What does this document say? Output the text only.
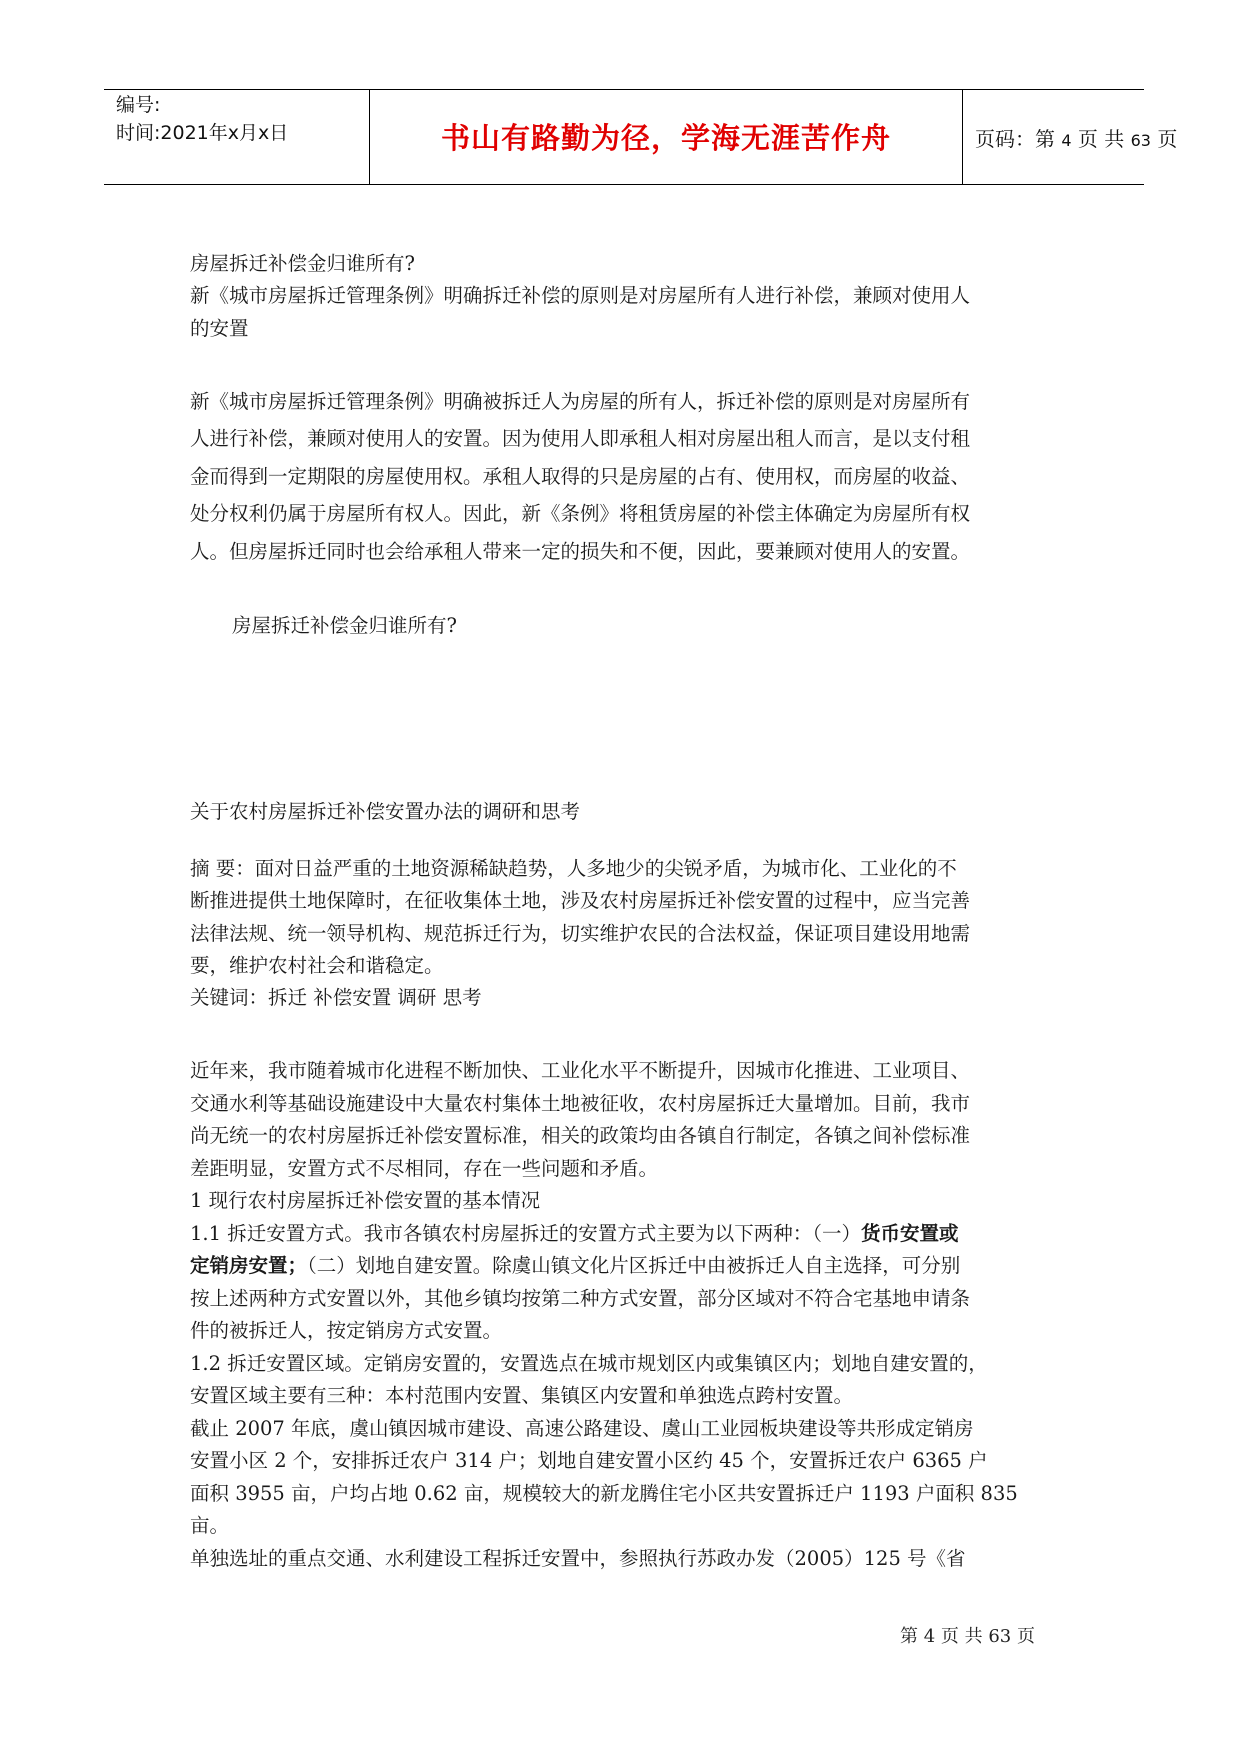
编号:
时间:2021年x月x日	书山有路勤为径，学海无涯苦作舟	页码：第 4 页 共 63 页
房屋拆迁补偿金归谁所有?
新《城市房屋拆迁管理条例》明确拆迁补偿的原则是对房屋所有人进行补偿，兼顾对使用人
的安置
新《城市房屋拆迁管理条例》明确被拆迁人为房屋的所有人，拆迁补偿的原则是对房屋所有
人进行补偿，兼顾对使用人的安置。因为使用人即承租人相对房屋出租人而言，是以支付租
金而得到一定期限的房屋使用权。承租人取得的只是房屋的占有、使用权，而房屋的收益、
处分权利仍属于房屋所有权人。因此，新《条例》将租赁房屋的补偿主体确定为房屋所有权
人。但房屋拆迁同时也会给承租人带来一定的损失和不便，因此，要兼顾对使用人的安置。
房屋拆迁补偿金归谁所有?
关于农村房屋拆迁补偿安置办法的调研和思考
摘 要：面对日益严重的土地资源稀缺趋势，人多地少的尖锐矛盾，为城市化、工业化的不
断推进提供土地保障时，在征收集体土地，涉及农村房屋拆迁补偿安置的过程中，应当完善
法律法规、统一领导机构、规范拆迁行为，切实维护农民的合法权益，保证项目建设用地需
要，维护农村社会和谐稳定。
关键词：拆迁 补偿安置 调研 思考
近年来，我市随着城市化进程不断加快、工业化水平不断提升，因城市化推进、工业项目、
交通水利等基础设施建设中大量农村集体土地被征收，农村房屋拆迁大量增加。目前，我市
尚无统一的农村房屋拆迁补偿安置标准，相关的政策均由各镇自行制定，各镇之间补偿标准
差距明显，安置方式不尽相同，存在一些问题和矛盾。
1 现行农村房屋拆迁补偿安置的基本情况
1.1 拆迁安置方式。我市各镇农村房屋拆迁的安置方式主要为以下两种：（一）货币安置或
定销房安置；（二）划地自建安置。除虞山镇文化片区拆迁中由被拆迁人自主选择，可分别
按上述两种方式安置以外，其他乡镇均按第二种方式安置，部分区域对不符合宅基地申请条
件的被拆迁人，按定销房方式安置。
1.2 拆迁安置区域。定销房安置的，安置选点在城市规划区内或集镇区内；划地自建安置的，
安置区域主要有三种：本村范围内安置、集镇区内安置和单独选点跨村安置。
截止 2007 年底，虞山镇因城市建设、高速公路建设、虞山工业园板块建设等共形成定销房
安置小区 2 个，安排拆迁农户 314 户；划地自建安置小区约 45 个，安置拆迁农户 6365 户
面积 3955 亩，户均占地 0.62 亩，规模较大的新龙腾住宅小区共安置拆迁户 1193 户面积 835
亩。
单独选址的重点交通、水利建设工程拆迁安置中，参照执行苏政办发（2005）125 号《省
第 4 页 共 63 页
